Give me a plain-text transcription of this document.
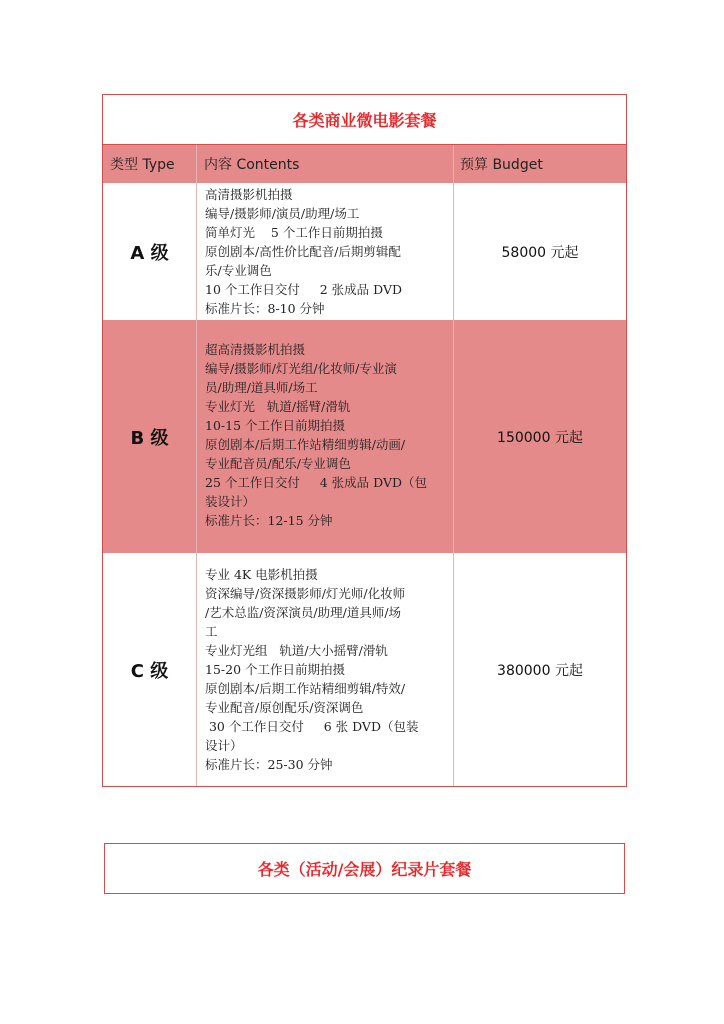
各类商业微电影套餐
类型 Type	内容 Contents	预算 Budget
A 级
高清摄影机拍摄
编导/摄影师/演员/助理/场工
简单灯光    5 个工作日前期拍摄
原创剧本/高性价比配音/后期剪辑配
乐/专业调色
10 个工作日交付     2 张成品 DVD
标准片长：8-10 分钟
58000 元起
B 级
超高清摄影机拍摄
编导/摄影师/灯光组/化妆师/专业演
员/助理/道具师/场工
专业灯光   轨道/摇臂/滑轨
10-15 个工作日前期拍摄
原创剧本/后期工作站精细剪辑/动画/
专业配音员/配乐/专业调色
25 个工作日交付     4 张成品 DVD（包
装设计）
标准片长：12-15 分钟
150000 元起
C 级
专业 4K 电影机拍摄
资深编导/资深摄影师/灯光师/化妆师
/艺术总监/资深演员/助理/道具师/场
工
专业灯光组   轨道/大小摇臂/滑轨
15-20 个工作日前期拍摄
原创剧本/后期工作站精细剪辑/特效/
专业配音/原创配乐/资深调色
30 个工作日交付     6 张 DVD（包装
设计）
标准片长：25-30 分钟
380000 元起
各类（活动/会展）纪录片套餐
